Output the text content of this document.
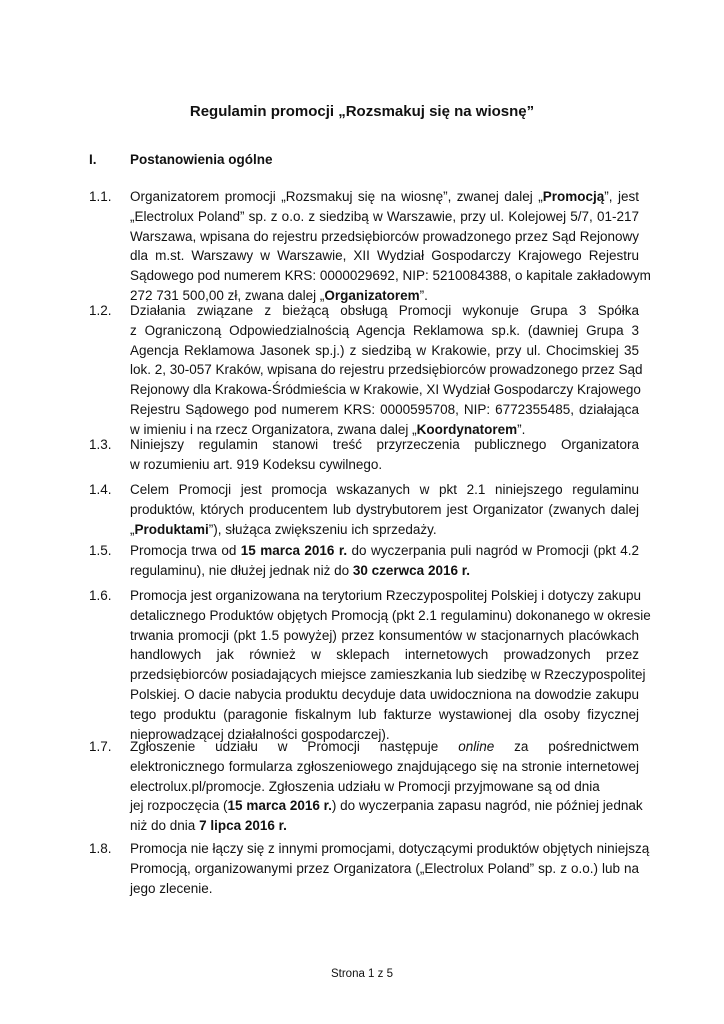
Regulamin promocji „Rozsmakuj się na wiosnę”
I. Postanowienia ogólne
1.1. Organizatorem promocji „Rozsmakuj się na wiosnę”, zwanej dalej „Promocją”, jest
„Electrolux Poland” sp. z o.o. z siedzibą w Warszawie, przy ul. Kolejowej 5/7, 01-217
Warszawa, wpisana do rejestru przedsiębiorców prowadzonego przez Sąd Rejonowy
dla m.st. Warszawy w Warszawie, XII Wydział Gospodarczy Krajowego Rejestru
Sądowego pod numerem KRS: 0000029692, NIP: 5210084388, o kapitale zakładowym
272 731 500,00 zł, zwana dalej „Organizatorem”.
1.2. Działania związane z bieżącą obsługą Promocji wykonuje Grupa 3 Spółka
z Ograniczoną Odpowiedzialnością Agencja Reklamowa sp.k. (dawniej Grupa 3
Agencja Reklamowa Jasonek sp.j.) z siedzibą w Krakowie, przy ul. Chocimskiej 35
lok. 2, 30-057 Kraków, wpisana do rejestru przedsiębiorców prowadzonego przez Sąd
Rejonowy dla Krakowa-Śródmieścia w Krakowie, XI Wydział Gospodarczy Krajowego
Rejestru Sądowego pod numerem KRS: 0000595708, NIP: 6772355485, działająca
w imieniu i na rzecz Organizatora, zwana dalej „Koordynatorem”.
1.3. Niniejszy regulamin stanowi treść przyrzeczenia publicznego Organizatora
w rozumieniu art. 919 Kodeksu cywilnego.
1.4. Celem Promocji jest promocja wskazanych w pkt 2.1 niniejszego regulaminu
produktów, których producentem lub dystrybutorem jest Organizator (zwanych dalej
„Produktami”), służąca zwiększeniu ich sprzedaży.
1.5. Promocja trwa od 15 marca 2016 r. do wyczerpania puli nagród w Promocji (pkt 4.2
regulaminu), nie dłużej jednak niż do 30 czerwca 2016 r.
1.6. Promocja jest organizowana na terytorium Rzeczypospolitej Polskiej i dotyczy zakupu
detalicznego Produktów objętych Promocją (pkt 2.1 regulaminu) dokonanego w okresie
trwania promocji (pkt 1.5 powyżej) przez konsumentów w stacjonarnych placówkach
handlowych jak również w sklepach internetowych prowadzonych przez
przedsiębiorców posiadających miejsce zamieszkania lub siedzibę w Rzeczypospolitej
Polskiej. O dacie nabycia produktu decyduje data uwidoczniona na dowodzie zakupu
tego produktu (paragonie fiskalnym lub fakturze wystawionej dla osoby fizycznej
nieprowadzącej działalności gospodarczej).
1.7. Zgłoszenie udziału w Promocji następuje online za pośrednictwem
elektronicznego formularza zgłoszeniowego znajdującego się na stronie internetowej
electrolux.pl/promocje. Zgłoszenia udziału w Promocji przyjmowane są od dnia
jej rozpoczęcia (15 marca 2016 r.) do wyczerpania zapasu nagród, nie później jednak
niż do dnia 7 lipca 2016 r.
1.8. Promocja nie łączy się z innymi promocjami, dotyczącymi produktów objętych niniejszą
Promocją, organizowanymi przez Organizatora („Electrolux Poland” sp. z o.o.) lub na
jego zlecenie.
Strona 1 z 5
